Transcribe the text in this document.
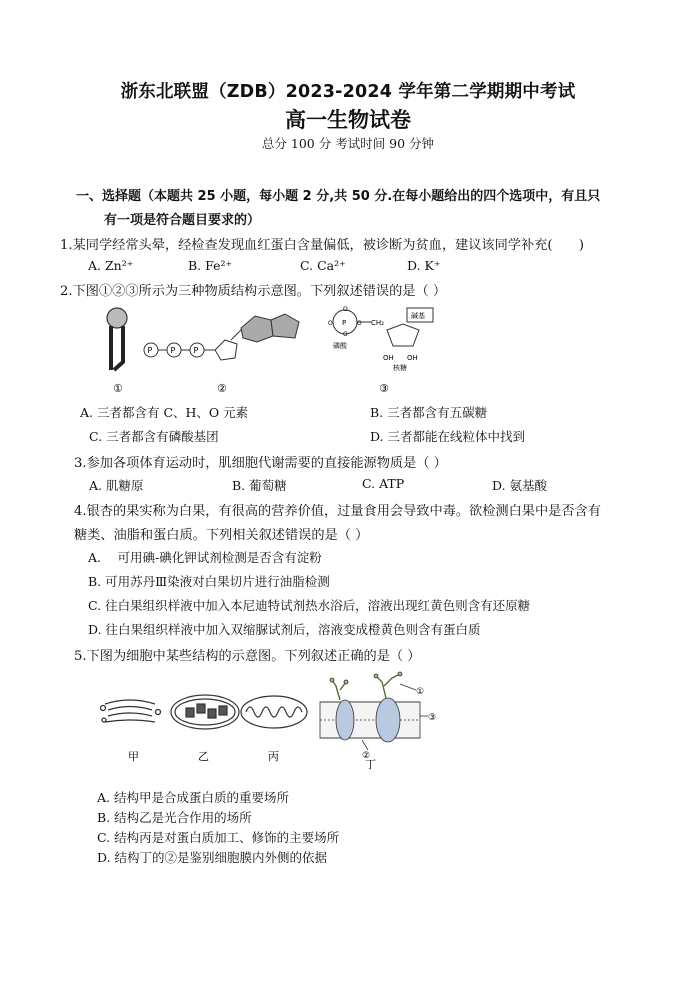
浙东北联盟（ZDB）2023-2024 学年第二学期期中考试
高一生物试卷
总分 100 分 考试时间 90 分钟
一、选择题（本题共 25 小题，每小题 2 分,共 50 分.在每小题给出的四个选项中，有且只
有一项是符合题目要求的）
1.某同学经常头晕，经检查发现血红蛋白含量偏低，被诊断为贫血，建议该同学补充(　　)
A. Zn²⁺	B. Fe²⁺	C. Ca²⁺	D. K⁺
2.下图①②③所示为三种物质结构示意图。下列叙述错误的是（ ）
①
P P P
②
P
O	O
O
O
CH₂
碱基
磷酸
OH OH
核糖
③
A. 三者都含有 C、H、O 元素	B. 三者都含有五碳糖
C. 三者都含有磷酸基团	D. 三者都能在线粒体中找到
3.参加各项体育运动时，肌细胞代谢需要的直接能源物质是（ ）
A. 肌糖原	B. 葡萄糖	C. ATP	D. 氨基酸
4.银杏的果实称为白果，有很高的营养价值，过量食用会导致中毒。欲检测白果中是否含有
糖类、油脂和蛋白质。下列相关叙述错误的是（ ）
A.　 可用碘-碘化钾试剂检测是否含有淀粉
B. 可用苏丹Ⅲ染液对白果切片进行油脂检测
C. 往白果组织样液中加入本尼迪特试剂热水浴后，溶液出现红黄色则含有还原糖
D. 往白果组织样液中加入双缩脲试剂后，溶液变成橙黄色则含有蛋白质
5.下图为细胞中某些结构的示意图。下列叙述正确的是（ ）
①
③
②
甲	乙	丙
丁
A. 结构甲是合成蛋白质的重要场所
B. 结构乙是光合作用的场所
C. 结构丙是对蛋白质加工、修饰的主要场所
D. 结构丁的②是鉴别细胞膜内外侧的依据
